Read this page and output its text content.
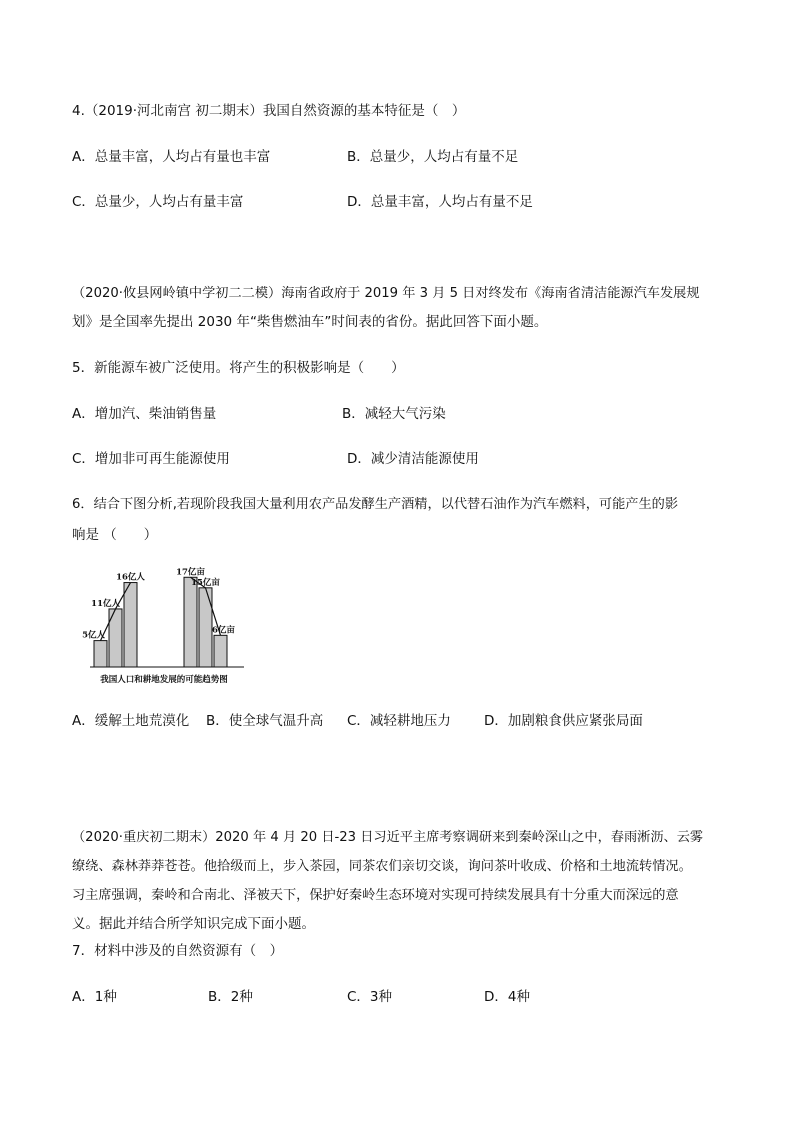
4.（2019·河北南宫 初二期末）我国自然资源的基本特征是（　）
A．总量丰富，人均占有量也丰富	B．总量少，人均占有量不足
C．总量少，人均占有量丰富	D．总量丰富，人均占有量不足
（2020·攸县网岭镇中学初二二模）海南省政府于 2019 年 3 月 5 日对终发布《海南省清洁能源汽车发展规
划》是全国率先提出 2030 年“柴售燃油车”时间表的省份。据此回答下面小题。
5．新能源车被广泛使用。将产生的积极影响是（　　）
A．增加汽、柴油销售量	B．减轻大气污染
C．增加非可再生能源使用	D．减少清洁能源使用
6．结合下图分析,若现阶段我国大量利用农产品发酵生产酒精，以代替石油作为汽车燃料，可能产生的影
响是 （　　）
5亿人
11亿人
16亿人
17亿亩
15亿亩
6亿亩
我国人口和耕地发展的可能趋势图
A．缓解土地荒漠化 B．使全球气温升高 C．减轻耕地压力 D．加剧粮食供应紧张局面
（2020·重庆初二期末）2020 年 4 月 20 日-23 日习近平主席考察调研来到秦岭深山之中，春雨淅沥、云雾
缭绕、森林莽莽苍苍。他拾级而上，步入茶园，同茶农们亲切交谈，询问茶叶收成、价格和土地流转情况。
习主席强调，秦岭和合南北、泽被天下，保护好秦岭生态环境对实现可持续发展具有十分重大而深远的意
义。据此并结合所学知识完成下面小题。
7．材料中涉及的自然资源有（　）
A．1种	B．2种	C．3种	D．4种
